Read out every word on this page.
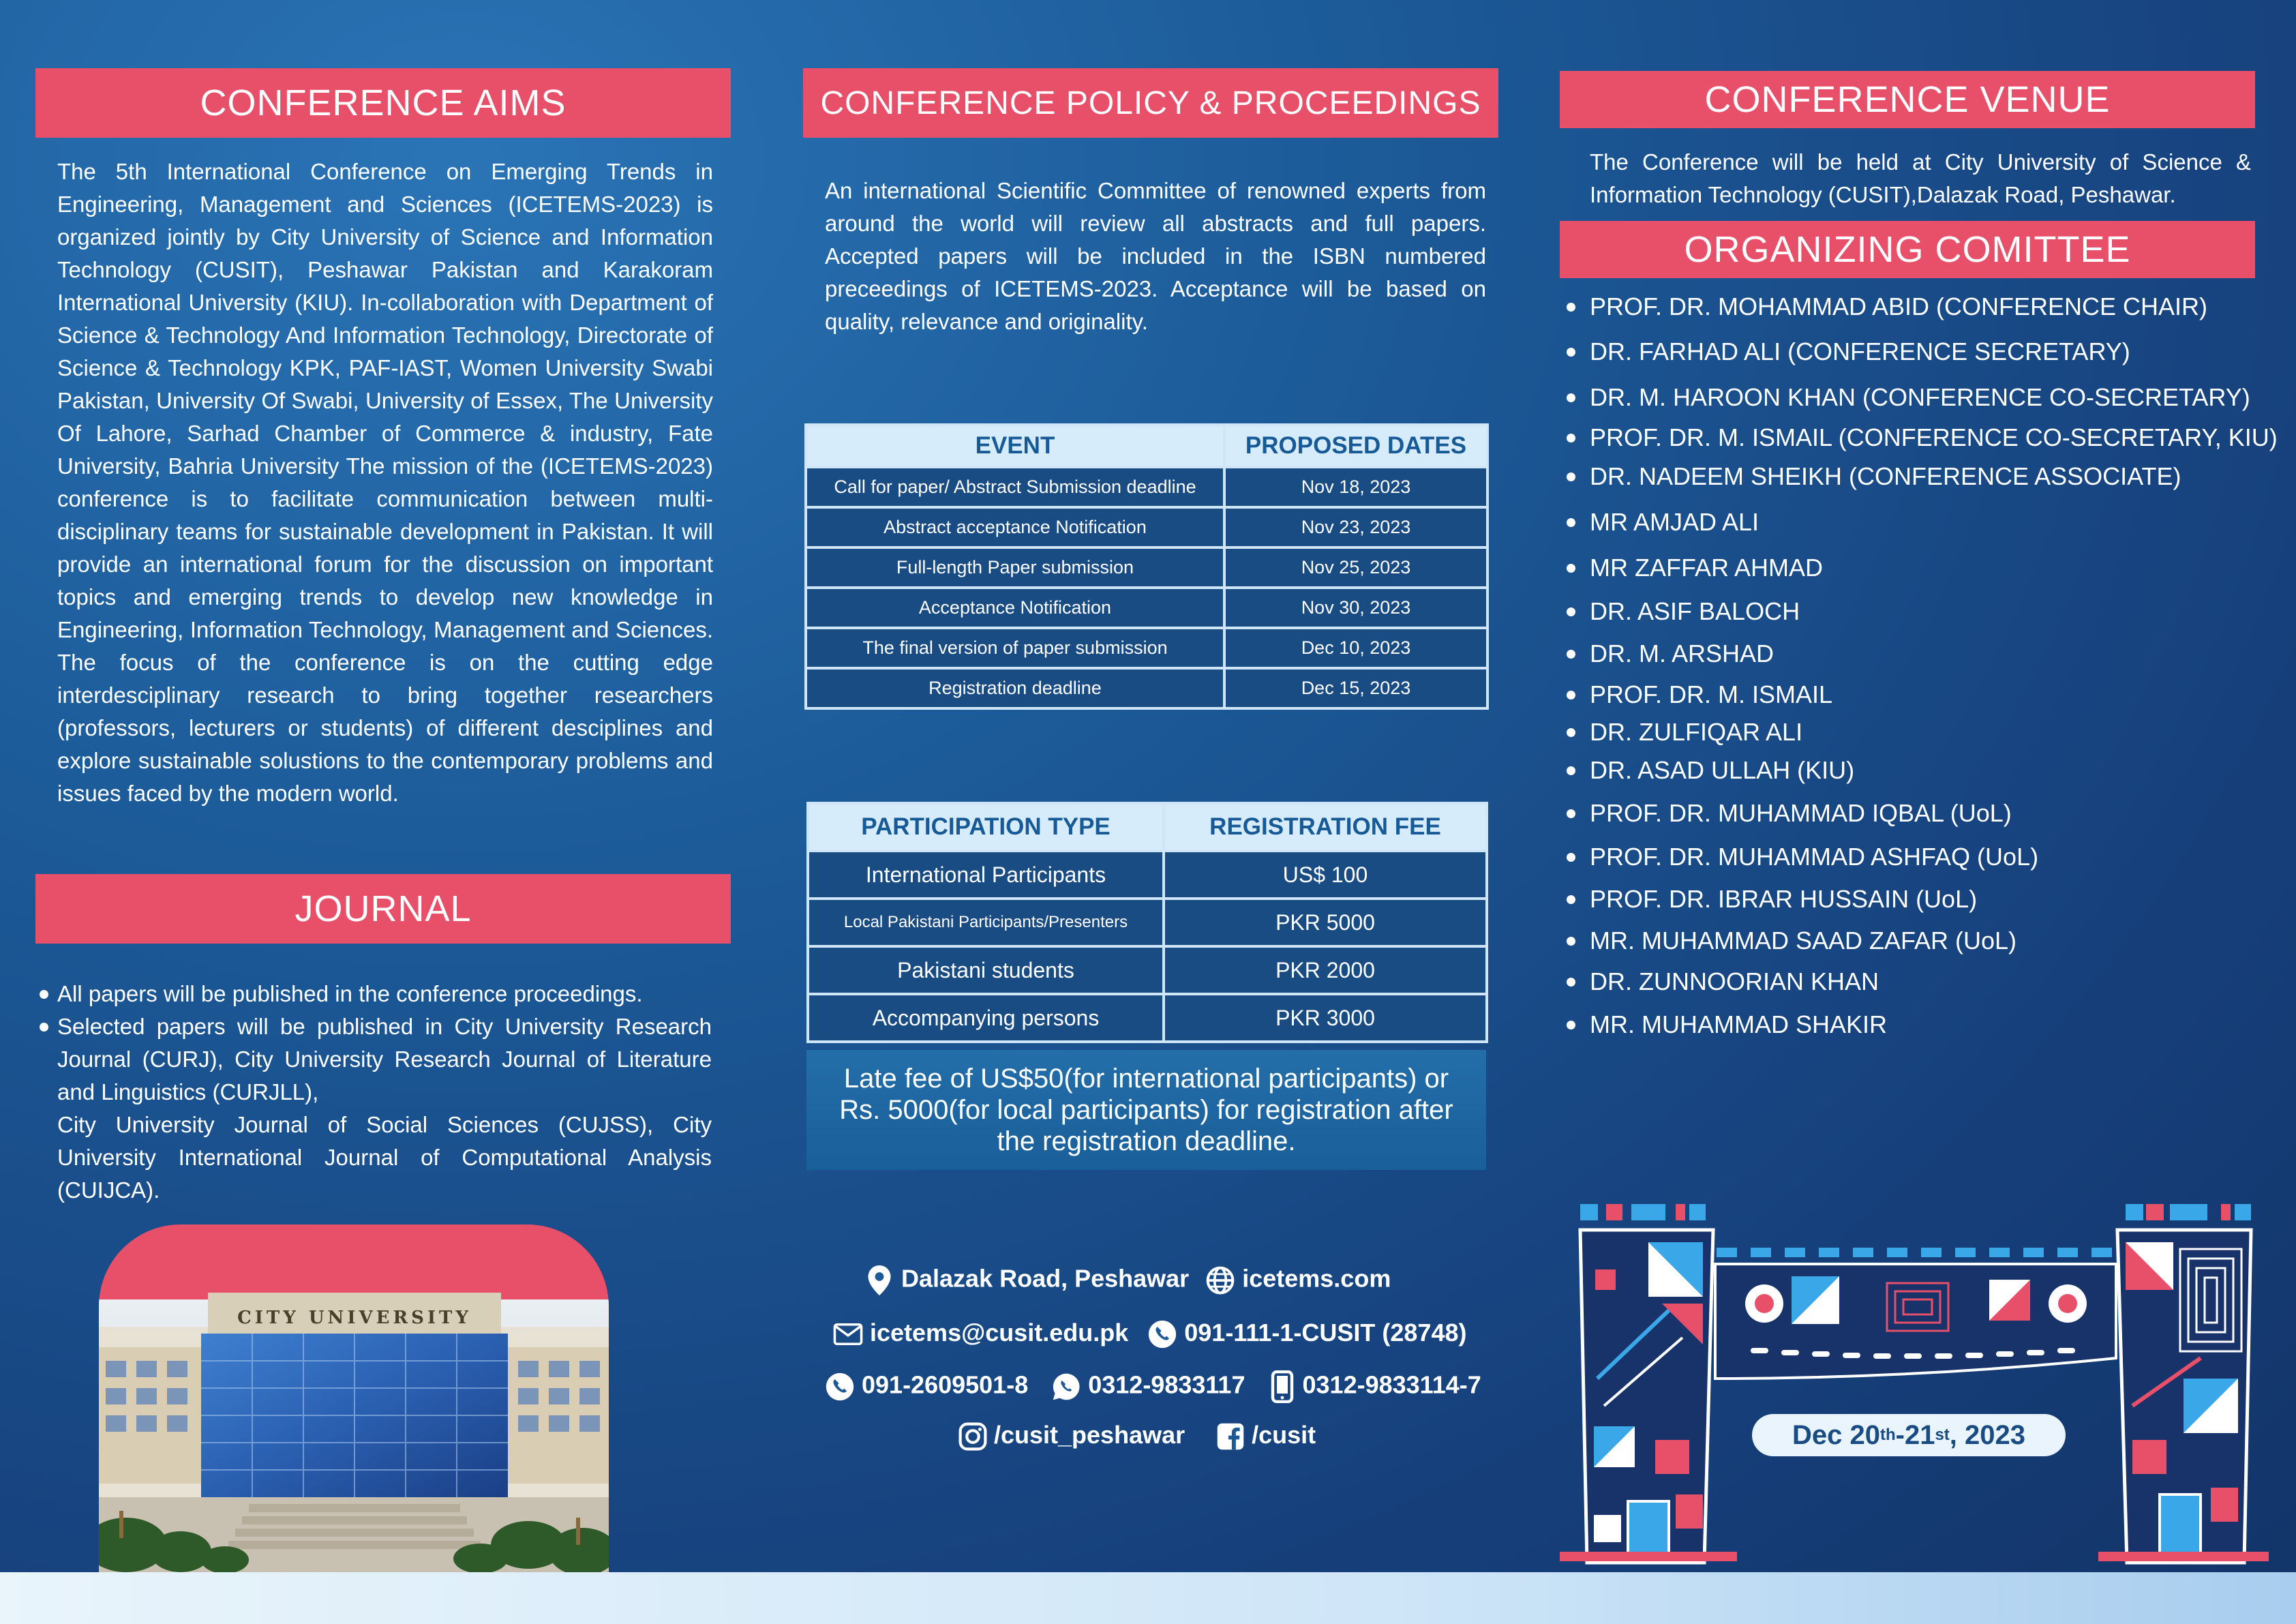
CONFERENCE AIMS

The 5th International Conference on Emerging Trends in Engineering, Management and Sciences (ICETEMS-2023) is organized jointly by City University of Science and Information Technology (CUSIT), Peshawar Pakistan and Karakoram International University (KIU). In-collaboration with Department of Science & Technology And Information Technology, Directorate of Science & Technology KPK, PAF-IAST, Women University Swabi Pakistan, University Of Swabi, University of Essex, The University Of Lahore, Sarhad Chamber of Commerce & industry, Fate University, Bahria University The mission of the (ICETEMS-2023) conference is to facilitate communication between multi-disciplinary teams for sustainable development in Pakistan. It will provide an international forum for the discussion on important topics and emerging trends to develop new knowledge in Engineering, Information Technology, Management and Sciences. The focus of the conference is on the cutting edge interdesciplinary research to bring together researchers (professors, lecturers or students) of different desciplines and explore sustainable solustions to the contemporary problems and issues faced by the modern world.

JOURNAL
All papers will be published in the conference proceedings.
Selected papers will be published in City University Research Journal (CURJ), City University Research Journal of Literature and Linguistics (CURJLL),

City University Journal of Social Sciences (CUJSS), City University International Journal of Computational Analysis (CUIJCA).

CITY UNIVERSITY
CONFERENCE POLICY & PROCEEDINGS

An international Scientific Committee of renowned experts from around the world will review all abstracts and full papers. Accepted papers will be included in the ISBN numbered preceedings of ICETEMS-2023. Acceptance will be based on quality, relevance and originality.

EVENT	PROPOSED DATES
Call for paper/ Abstract Submission deadline	Nov 18, 2023
Abstract acceptance Notification	Nov 23, 2023
Full-length Paper submission	Nov 25, 2023
Acceptance Notification	Nov 30, 2023
The final version of paper submission	Dec 10, 2023
Registration deadline	Dec 15, 2023
PARTICIPATION TYPE	REGISTRATION FEE
International Participants	US$ 100
Local Pakistani Participants/Presenters	PKR 5000
Pakistani students	PKR 2000
Accompanying persons	PKR 3000
Late fee of US$50(for international participants) or Rs. 5000(for local participants) for registration after the registration deadline.
Dalazak Road, Peshawar icetems.com
icetems@cusit.edu.pk 091-111-1-CUSIT (28748)
091-2609501-8 0312-9833117 0312-9833114-7
/cusit_peshawar	/cusit
CONFERENCE VENUE

The Conference will be held at City University of Science & Information Technology (CUSIT),Dalazak Road, Peshawar.

ORGANIZING COMITTEE
PROF. DR. MOHAMMAD ABID (CONFERENCE CHAIR)
DR. FARHAD ALI (CONFERENCE SECRETARY)
DR. M. HAROON KHAN (CONFERENCE CO-SECRETARY)
PROF. DR. M. ISMAIL (CONFERENCE CO-SECRETARY, KIU)
DR. NADEEM SHEIKH (CONFERENCE ASSOCIATE)
MR AMJAD ALI
MR ZAFFAR AHMAD
DR. ASIF BALOCH
DR. M. ARSHAD
PROF. DR. M. ISMAIL
DR. ZULFIQAR ALI
DR. ASAD ULLAH (KIU)
PROF. DR. MUHAMMAD IQBAL (UoL)
PROF. DR. MUHAMMAD ASHFAQ (UoL)
PROF. DR. IBRAR HUSSAIN (UoL)
MR. MUHAMMAD SAAD ZAFAR (UoL)
DR. ZUNNOORIAN KHAN
MR. MUHAMMAD SHAKIR
Dec 20 th -21 st , 2023
